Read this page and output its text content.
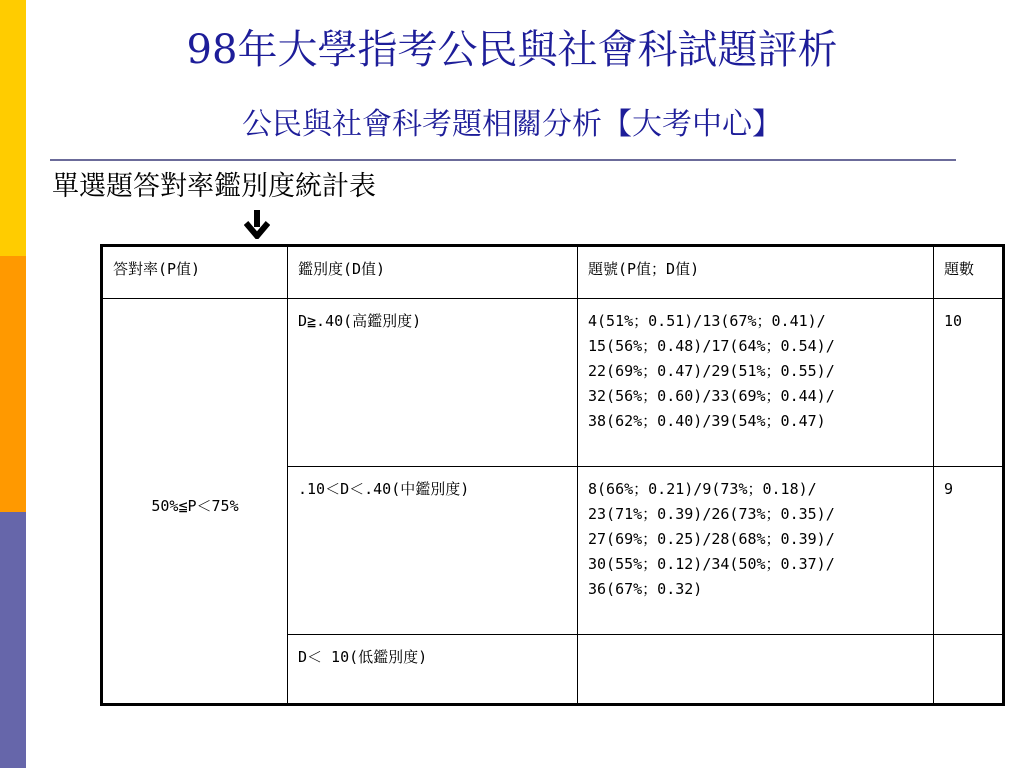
98年大學指考公民與社會科試題評析
公民與社會科考題相關分析【大考中心】
單選題答對率鑑別度統計表
答對率(P值)	鑑別度(D值)	題號(P值；D值)	題數
50%≦P＜75%	D≧.40(高鑑別度)	4(51%；0.51)/13(67%；0.41)/
15(56%；0.48)/17(64%；0.54)/
22(69%；0.47)/29(51%；0.55)/
32(56%；0.60)/33(69%；0.44)/
38(62%；0.40)/39(54%；0.47)	10
	.10＜D＜.40(中鑑別度)	8(66%；0.21)/9(73%；0.18)/
23(71%；0.39)/26(73%；0.35)/
27(69%；0.25)/28(68%；0.39)/
30(55%；0.12)/34(50%；0.37)/
36(67%；0.32)	9
	D＜ 10(低鑑別度)		
